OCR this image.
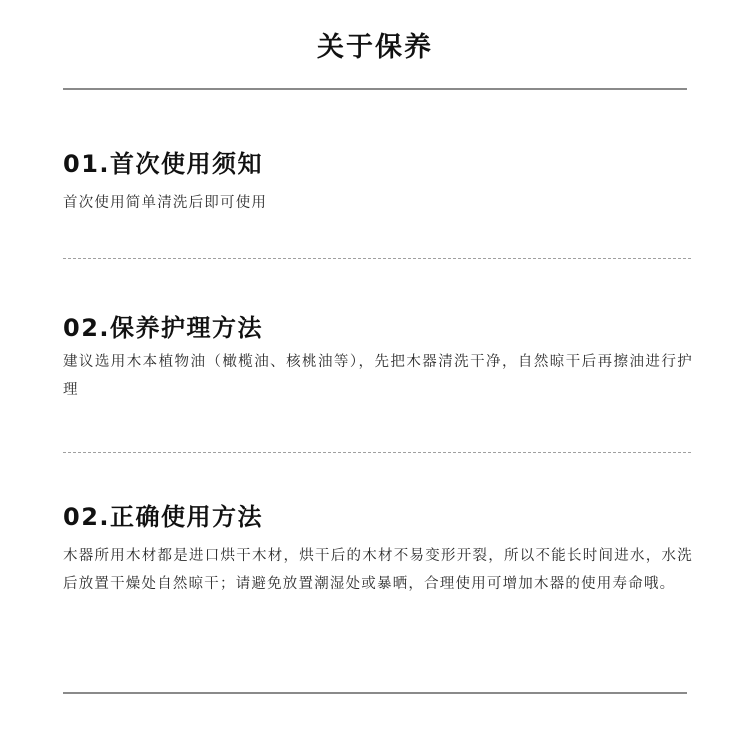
关于保养
01.首次使用须知

首次使用简单清洗后即可使用

02.保养护理方法

建议选用木本植物油（橄榄油、核桃油等），先把木器清洗干净，自然晾干后再擦油进行护理

02.正确使用方法

木器所用木材都是进口烘干木材，烘干后的木材不易变形开裂，所以不能长时间进水，水洗后放置干燥处自然晾干；请避免放置潮湿处或暴晒，合理使用可增加木器的使用寿命哦。
